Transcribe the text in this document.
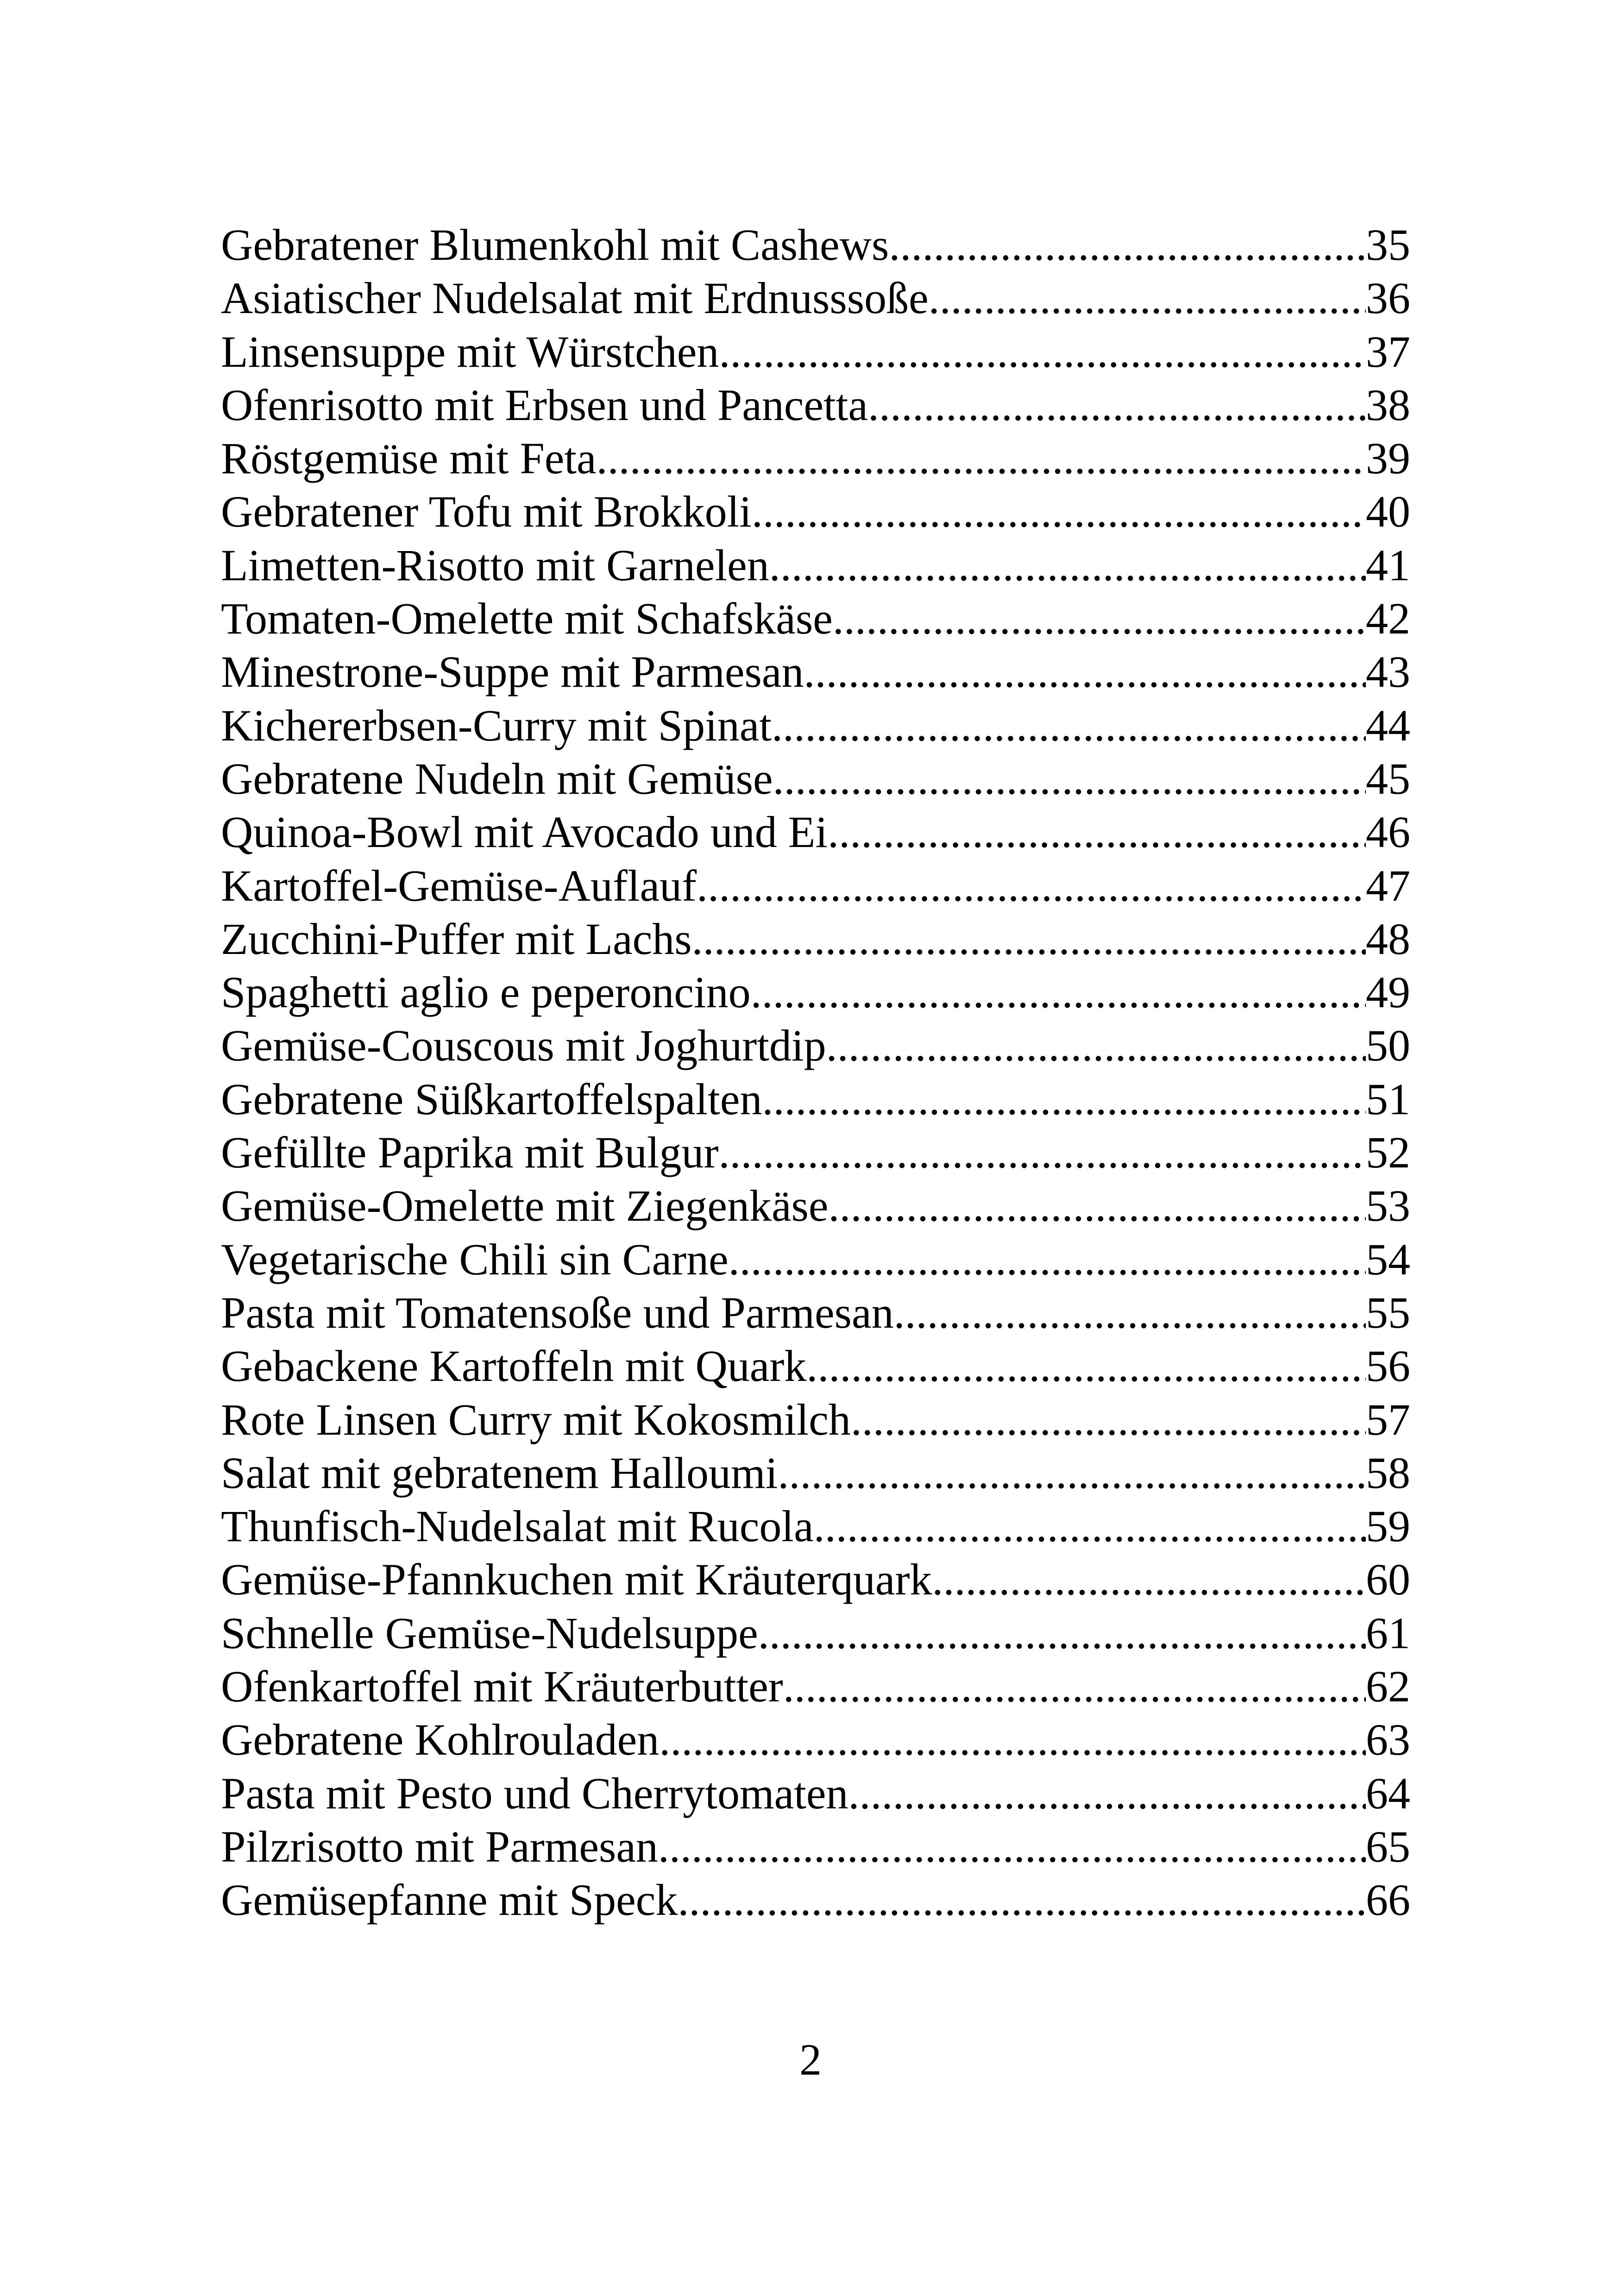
Gebratener Blumenkohl mit Cashews .....	35
Asiatischer Nudelsalat mit Erdnusssoße .....	36
Linsensuppe mit Würstchen .....	37
Ofenrisotto mit Erbsen und Pancetta .....	38
Röstgemüse mit Feta .....	39
Gebratener Tofu mit Brokkoli .....	40
Limetten-Risotto mit Garnelen .....	41
Tomaten-Omelette mit Schafskäse .....	42
Minestrone-Suppe mit Parmesan .....	43
Kichererbsen-Curry mit Spinat .....	44
Gebratene Nudeln mit Gemüse .....	45
Quinoa-Bowl mit Avocado und Ei .....	46
Kartoffel-Gemüse-Auflauf .....	47
Zucchini-Puffer mit Lachs .....	48
Spaghetti aglio e peperoncino .....	49
Gemüse-Couscous mit Joghurtdip .....	50
Gebratene Süßkartoffelspalten .....	51
Gefüllte Paprika mit Bulgur .....	52
Gemüse-Omelette mit Ziegenkäse .....	53
Vegetarische Chili sin Carne .....	54
Pasta mit Tomatensoße und Parmesan .....	55
Gebackene Kartoffeln mit Quark .....	56
Rote Linsen Curry mit Kokosmilch .....	57
Salat mit gebratenem Halloumi .....	58
Thunfisch-Nudelsalat mit Rucola .....	59
Gemüse-Pfannkuchen mit Kräuterquark .....	60
Schnelle Gemüse-Nudelsuppe .....	61
Ofenkartoffel mit Kräuterbutter .....	62
Gebratene Kohlrouladen .....	63
Pasta mit Pesto und Cherrytomaten .....	64
Pilzrisotto mit Parmesan .....	65
Gemüsepfanne mit Speck .....	66
2
